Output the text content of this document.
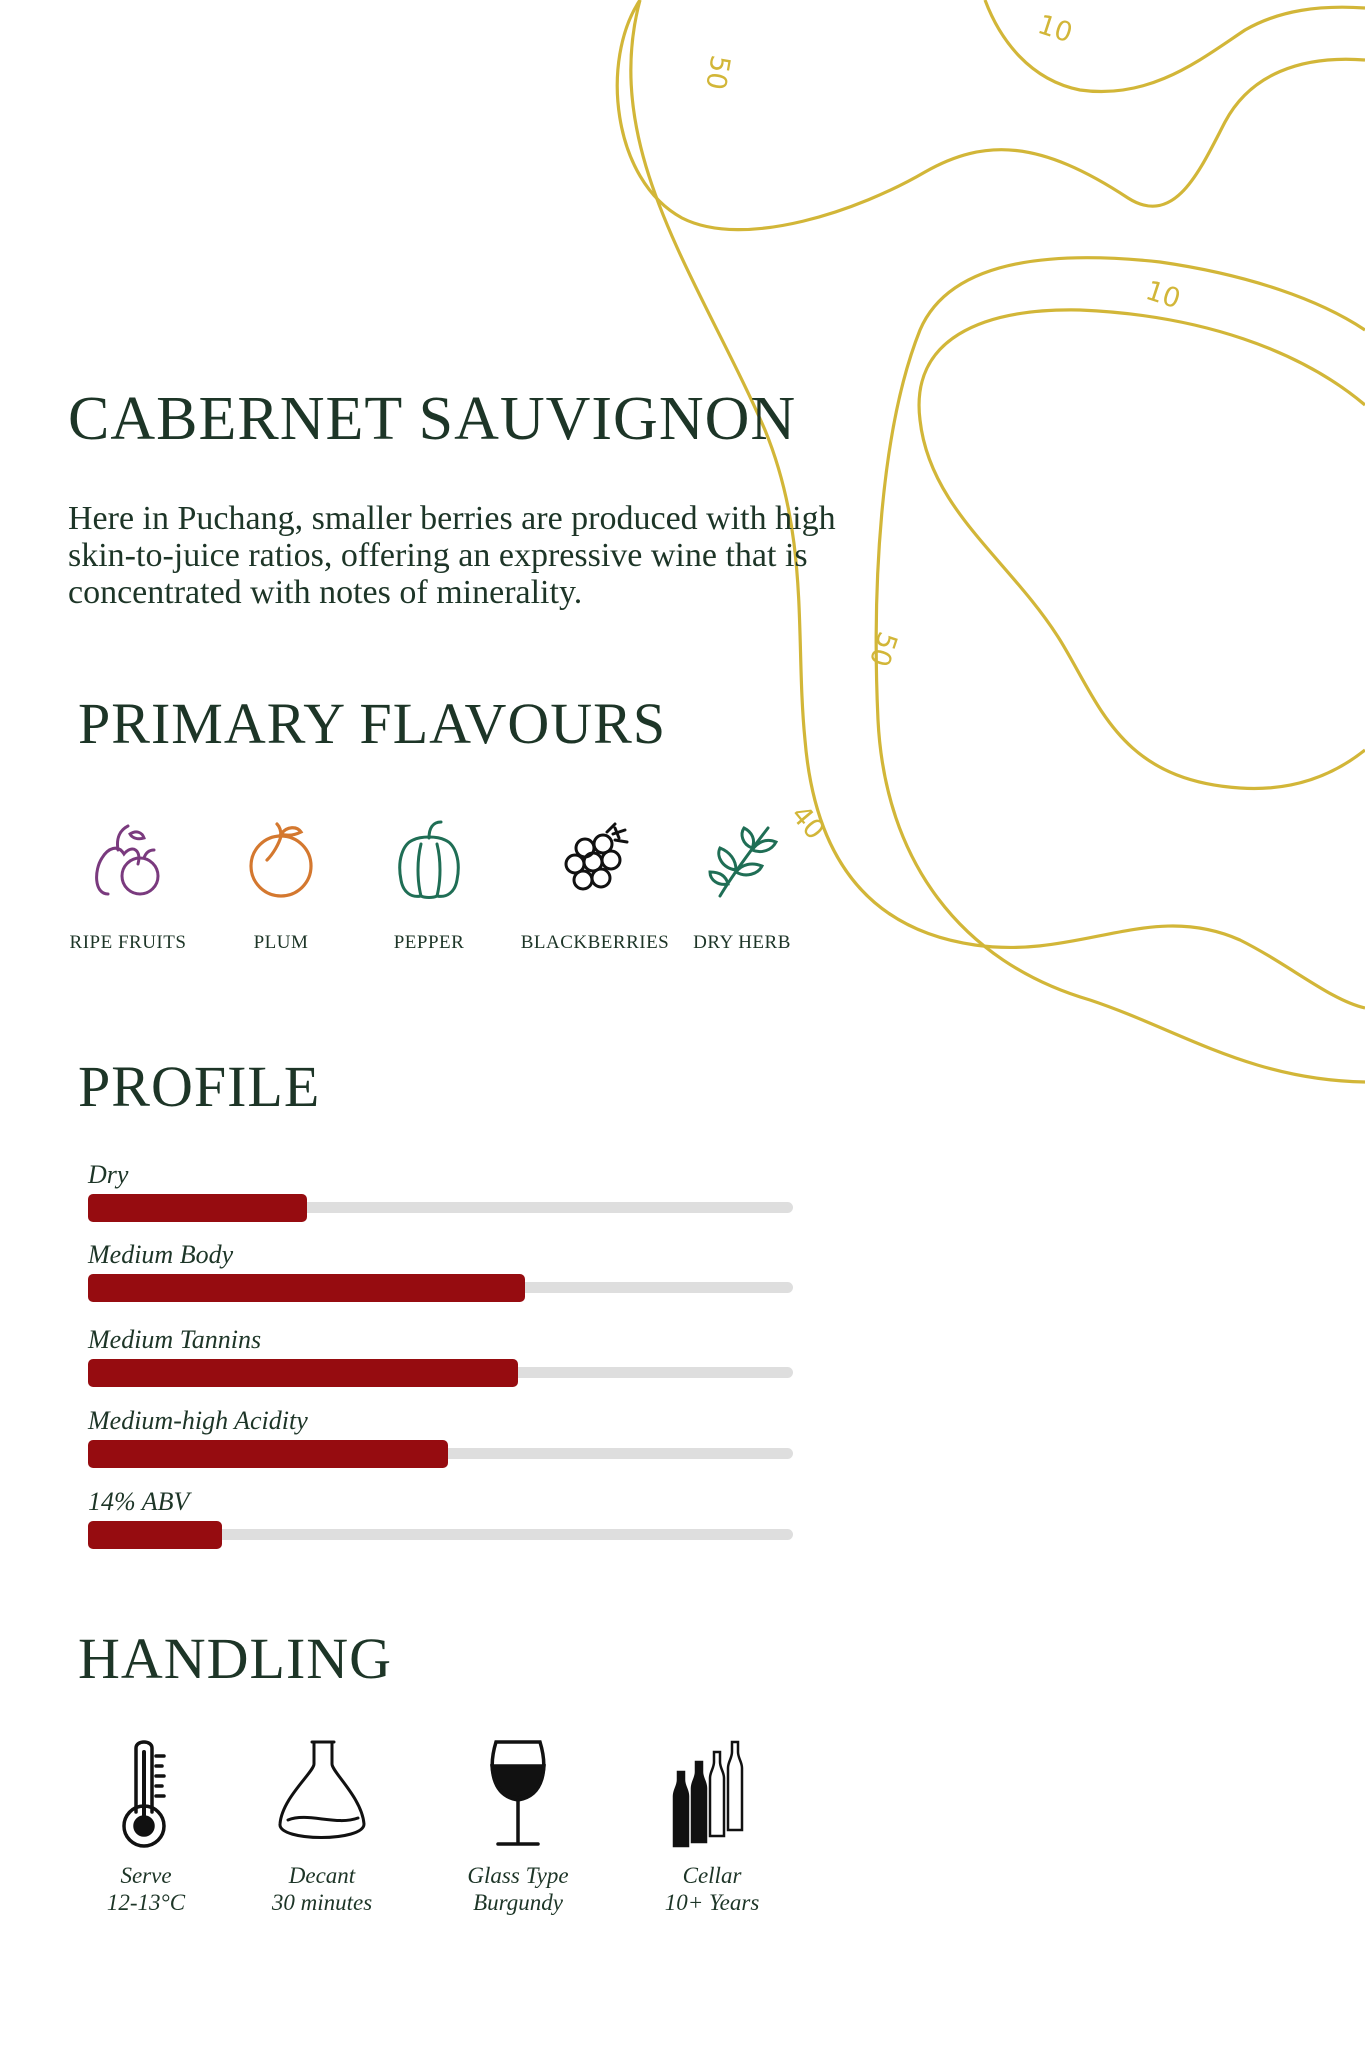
50
10
10
50
40
CABERNET SAUVIGNON

Here in Puchang, smaller berries are produced with high skin-to-juice ratios, offering an expressive wine that is concentrated with notes of minerality.

PRIMARY FLAVOURS
RIPE FRUITS	PLUM	PEPPER	BLACKBERRIES	DRY HERB
PROFILE
Dry
Medium Body
Medium Tannins
Medium-high Acidity
14% ABV
HANDLING
Serve
12-13°C
Decant
30 minutes
Glass Type
Burgundy
Cellar
10+ Years
